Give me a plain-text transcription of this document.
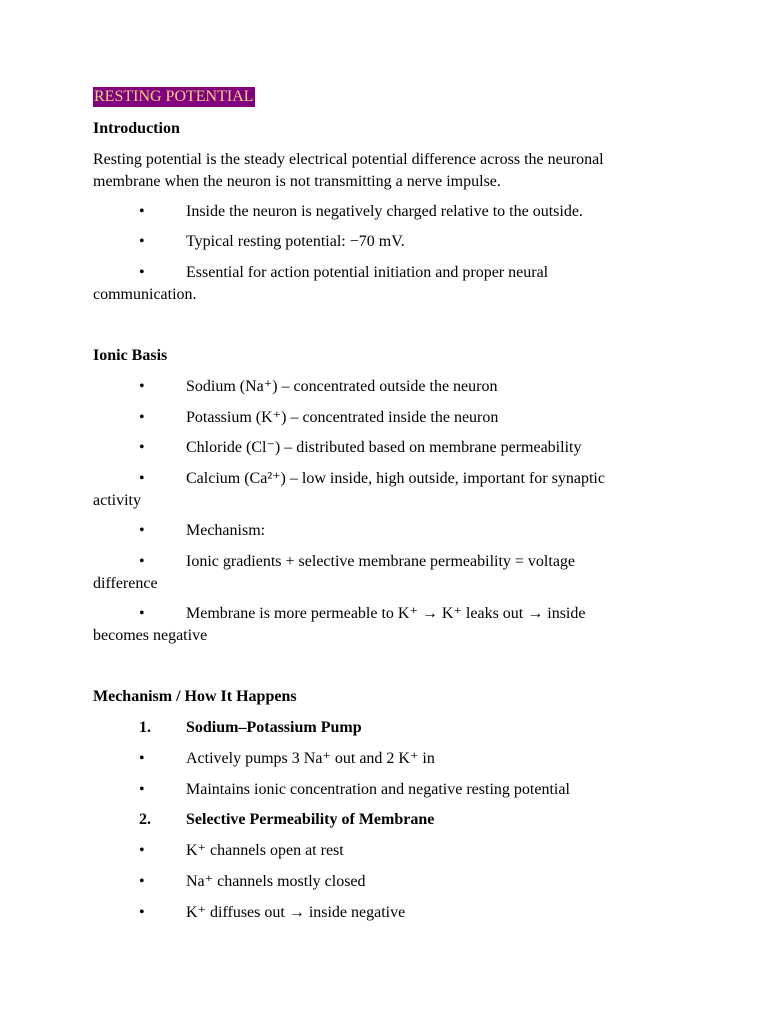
RESTING POTENTIAL
Introduction
Resting potential is the steady electrical potential difference across the neuronal
membrane when the neuron is not transmitting a nerve impulse.
•	Inside the neuron is negatively charged relative to the outside.
•	Typical resting potential: −70 mV.
•	Essential for action potential initiation and proper neural
communication.
Ionic Basis
•	Sodium (Na⁺) – concentrated outside the neuron
•	Potassium (K⁺) – concentrated inside the neuron
•	Chloride (Cl⁻) – distributed based on membrane permeability
•	Calcium (Ca²⁺) – low inside, high outside, important for synaptic
activity
•	Mechanism:
•	Ionic gradients + selective membrane permeability = voltage
difference
•	Membrane is more permeable to K⁺ → K⁺ leaks out → inside
becomes negative
Mechanism / How It Happens
1. Sodium–Potassium Pump
•	Actively pumps 3 Na⁺ out and 2 K⁺ in
•	Maintains ionic concentration and negative resting potential
2. Selective Permeability of Membrane
•	K⁺ channels open at rest
•	Na⁺ channels mostly closed
•	K⁺ diffuses out → inside negative
